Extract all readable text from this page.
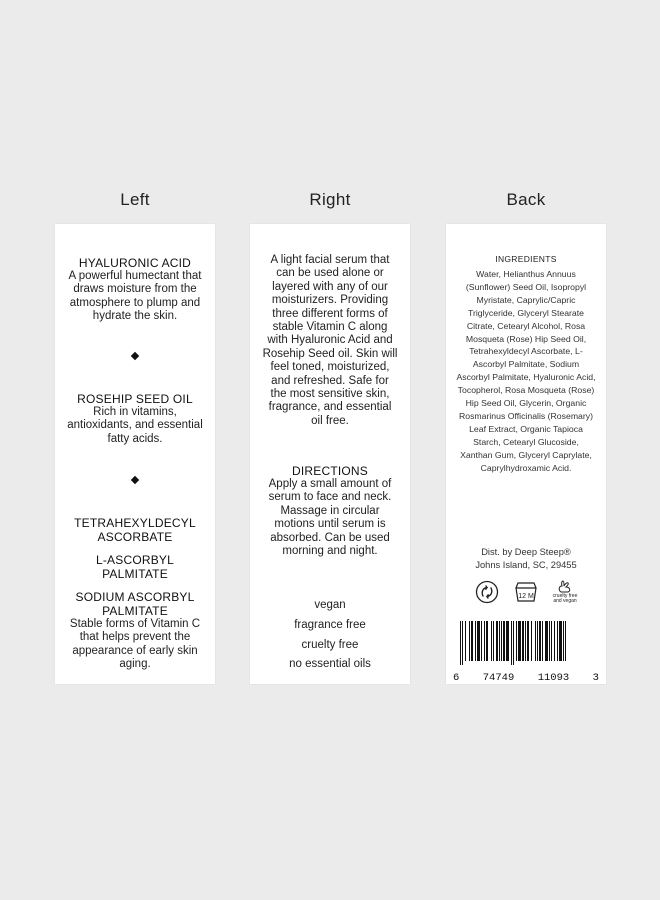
Left	Right	Back
HYALURONIC ACID
A powerful humectant that draws moisture from the atmosphere to plump and hydrate the skin.
ROSEHIP SEED OIL
Rich in vitamins, antioxidants, and essential fatty acids.
TETRAHEXYLDECYL ASCORBATE
L-ASCORBYL PALMITATE
SODIUM ASCORBYL PALMITATE
Stable forms of Vitamin C that helps prevent the appearance of early skin aging.
A light facial serum that can be used alone or layered with any of our moisturizers. Providing three different forms of stable Vitamin C along with Hyaluronic Acid and Rosehip Seed oil. Skin will feel toned, moisturized, and refreshed. Safe for the most sensitive skin, fragrance, and essential oil free.
DIRECTIONS
Apply a small amount of serum to face and neck. Massage in circular motions until serum is absorbed. Can be used morning and night.
vegan
fragrance free
cruelty free
no essential oils
INGREDIENTS
Water, Helianthus Annuus (Sunflower) Seed Oil, Isopropyl Myristate, Caprylic/Capric Triglyceride, Glyceryl Stearate Citrate, Cetearyl Alcohol, Rosa Mosqueta (Rose) Hip Seed Oil, Tetrahexyldecyl Ascorbate, L-Ascorbyl Palmitate, Sodium Ascorbyl Palmitate, Hyaluronic Acid, Tocopherol, Rosa Mosqueta (Rose) Hip Seed Oil, Glycerin, Organic Rosmarinus Officinalis (Rosemary) Leaf Extract, Organic Tapioca Starch, Cetearyl Glucoside, Xanthan Gum, Glyceryl Caprylate, Caprylhydroxamic Acid.
Dist. by Deep Steep®
Johns Island, SC, 29455
12 M	cruelty free
and vegan
6 74749 11093 3
